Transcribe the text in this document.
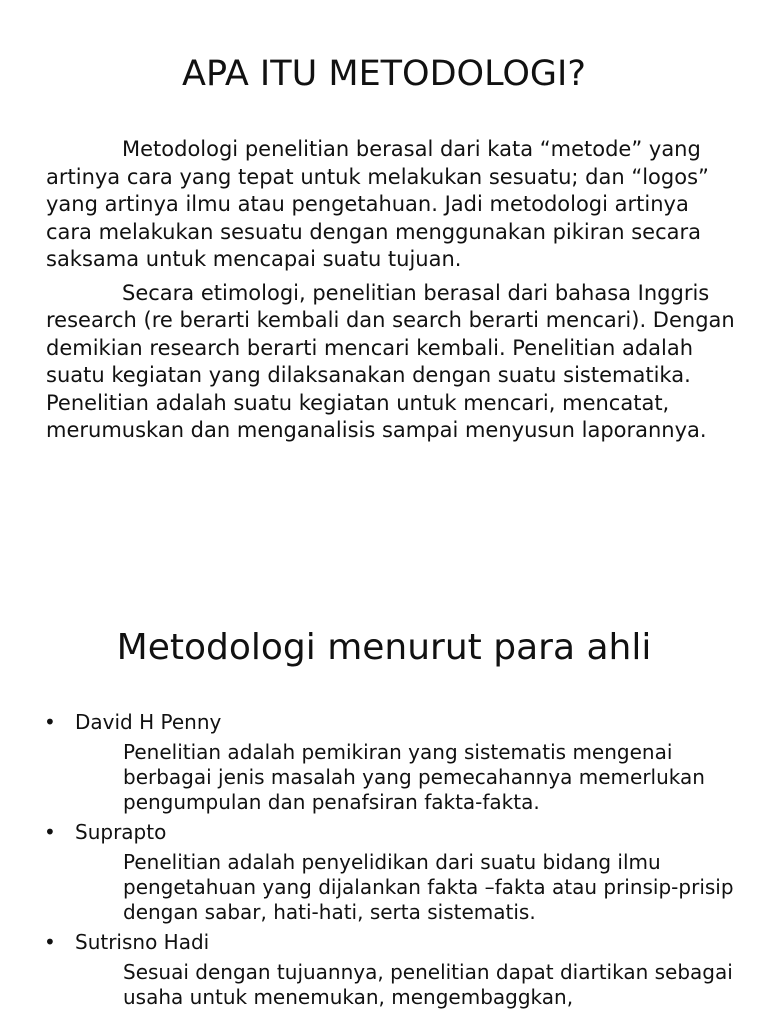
APA ITU METODOLOGI?

Metodologi penelitian berasal dari kata “metode” yang artinya cara yang tepat untuk melakukan sesuatu; dan “logos” yang artinya ilmu atau pengetahuan. Jadi metodologi artinya cara melakukan sesuatu dengan menggunakan pikiran secara saksama untuk mencapai suatu tujuan.

Secara etimologi, penelitian berasal dari bahasa Inggris research (re berarti kembali dan search berarti mencari). Dengan demikian research berarti mencari kembali. Penelitian adalah suatu kegiatan yang dilaksanakan dengan suatu sistematika. Penelitian adalah suatu kegiatan untuk mencari, mencatat, merumuskan dan menganalisis sampai menyusun laporannya.

Metodologi menurut para ahli
• David H Penny
Penelitian adalah pemikiran yang sistematis mengenai berbagai jenis masalah yang pemecahannya memerlukan pengumpulan dan penafsiran fakta-fakta.
• Suprapto
Penelitian adalah penyelidikan dari suatu bidang ilmu pengetahuan yang dijalankan fakta –fakta atau prinsip-prisip dengan sabar, hati-hati, serta sistematis.
• Sutrisno Hadi
Sesuai dengan tujuannya, penelitian dapat diartikan sebagai usaha untuk menemukan, mengembaggkan,
